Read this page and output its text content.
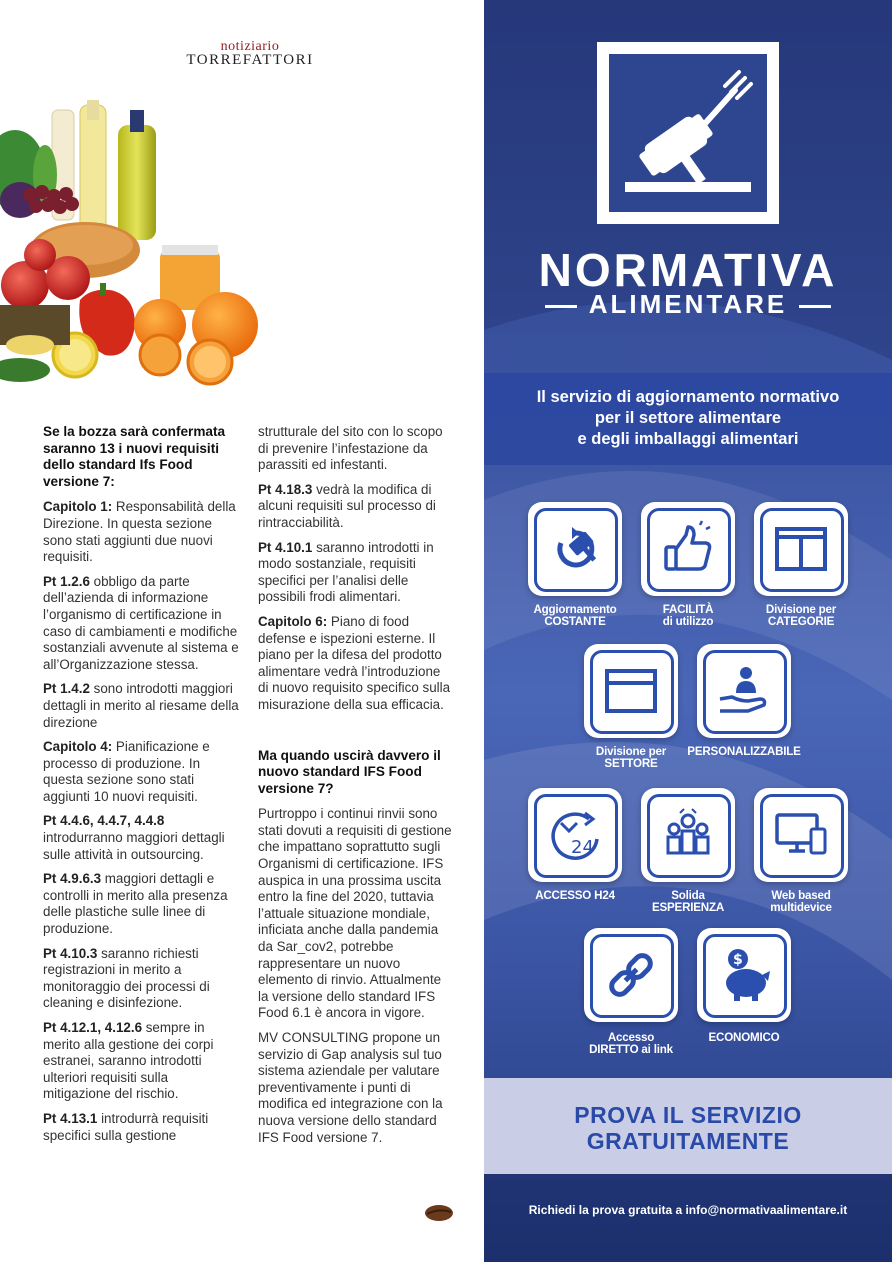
notiziario
TORREFATTORI

Se la bozza sarà confermata saranno 13 i nuovi requisiti dello standard Ifs Food versione 7:

Capitolo 1: Responsabilità della Direzione. In questa sezione sono stati aggiunti due nuovi requisiti.

Pt 1.2.6 obbligo da parte dell’azienda di informazione l’organismo di certificazione in caso di cambiamenti e modifiche sostanziali avvenute al sistema e all’Organizzazione stessa.

Pt 1.4.2 sono introdotti maggiori dettagli in merito al riesame della direzione

Capitolo 4: Pianificazione e processo di produzione. In questa sezione sono stati aggiunti 10 nuovi requisiti.

Pt 4.4.6, 4.4.7, 4.4.8 introdurranno maggiori dettagli sulle attività in outsourcing.

Pt 4.9.6.3 maggiori dettagli e controlli in merito alla presenza delle plastiche sulle linee di produzione.

Pt 4.10.3 saranno richiesti registrazioni in merito a monitoraggio dei processi di cleaning e disinfezione.

Pt 4.12.1, 4.12.6 sempre in merito alla gestione dei corpi estranei, saranno introdotti ulteriori requisiti sulla mitigazione del rischio.

Pt 4.13.1 introdurrà requisiti specifici sulla gestione

strutturale del sito con lo scopo di prevenire l’infestazione da parassiti ed infestanti.

Pt 4.18.3 vedrà la modifica di alcuni requisiti sul processo di rintracciabilità.

Pt 4.10.1 saranno introdotti in modo sostanziale, requisiti specifici per l’analisi delle possibili frodi alimentari.

Capitolo 6: Piano di food defense e ispezioni esterne. Il piano per la difesa del prodotto alimentare vedrà l’introduzione di nuovo requisito specifico sulla misurazione della sua efficacia.

Ma quando uscirà davvero il nuovo standard IFS Food versione 7?

Purtroppo i continui rinvii sono stati dovuti a requisiti di gestione che impattano soprattutto sugli Organismi di certificazione. IFS auspica in una prossima uscita entro la fine del 2020, tuttavia l’attuale situazione mondiale, inficiata anche dalla pandemia da Sar_cov2, potrebbe rappresentare un nuovo elemento di rinvio. Attualmente la versione dello standard IFS Food 6.1 è ancora in vigore.

MV CONSULTING propone un servizio di Gap analysis sul tuo sistema aziendale per valutare preventivamente i punti di modifica ed integrazione con la nuova versione dello standard IFS Food versione 7.

NORMATIVA
ALIMENTARE
Il servizio di aggiornamento normativo
per il settore alimentare
e degli imballaggi alimentari
Aggiornamento
COSTANTE
FACILITÀ
di utilizzo
Divisione per
CATEGORIE
Divisione per
SETTORE
PERSONALIZZABILE
24
ACCESSO H24	Solida
ESPERIENZA
Web based
multidevice
Accesso
DIRETTO ai link
$
ECONOMICO
PROVA IL SERVIZIO
GRATUITAMENTE
Richiedi la prova gratuita a info@normativaalimentare.it
